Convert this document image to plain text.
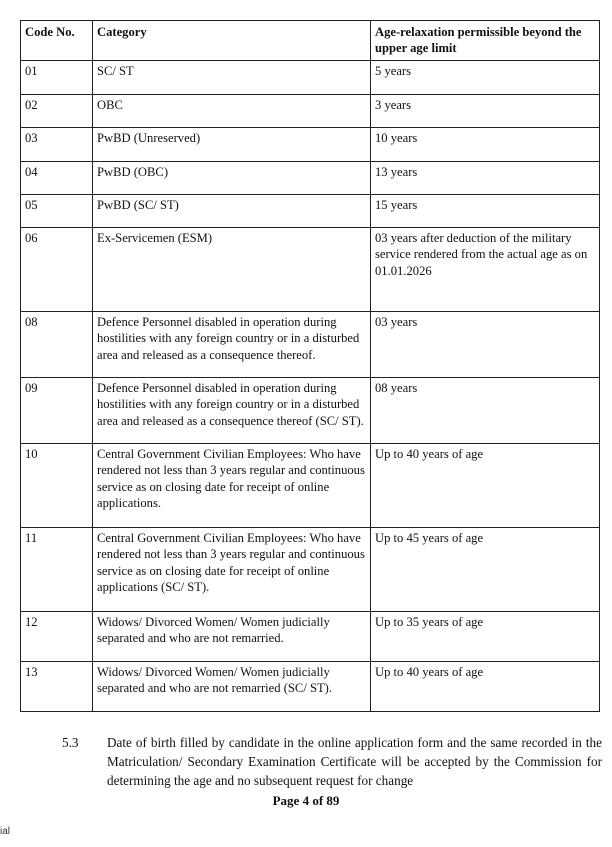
Code No.	Category	Age-relaxation permissible beyond the upper age limit
01	SC/ ST	5 years
02	OBC	3 years
03	PwBD (Unreserved)	10 years
04	PwBD (OBC)	13 years
05	PwBD (SC/ ST)	15 years
06	Ex-Servicemen (ESM)	03 years after deduction of the military service rendered from the actual age as on 01.01.2026
08	Defence Personnel disabled in operation during hostilities with any foreign country or in a disturbed area and released as a consequence thereof.	03 years
09	Defence Personnel disabled in operation during hostilities with any foreign country or in a disturbed area and released as a consequence thereof (SC/ ST).	08 years
10	Central Government Civilian Employees: Who have rendered not less than 3 years regular and continuous service as on closing date for receipt of online applications.	Up to 40 years of age
11	Central Government Civilian Employees: Who have rendered not less than 3 years regular and continuous service as on closing date for receipt of online applications (SC/ ST).	Up to 45 years of age
12	Widows/ Divorced Women/ Women judicially separated and who are not remarried.	Up to 35 years of age
13	Widows/ Divorced Women/ Women judicially separated and who are not remarried (SC/ ST).	Up to 40 years of age
5.3 Date of birth filled by candidate in the online application form and the same recorded in the Matriculation/ Secondary Examination Certificate will be accepted by the Commission for determining the age and no subsequent request for change
Page 4 of 89
ial
